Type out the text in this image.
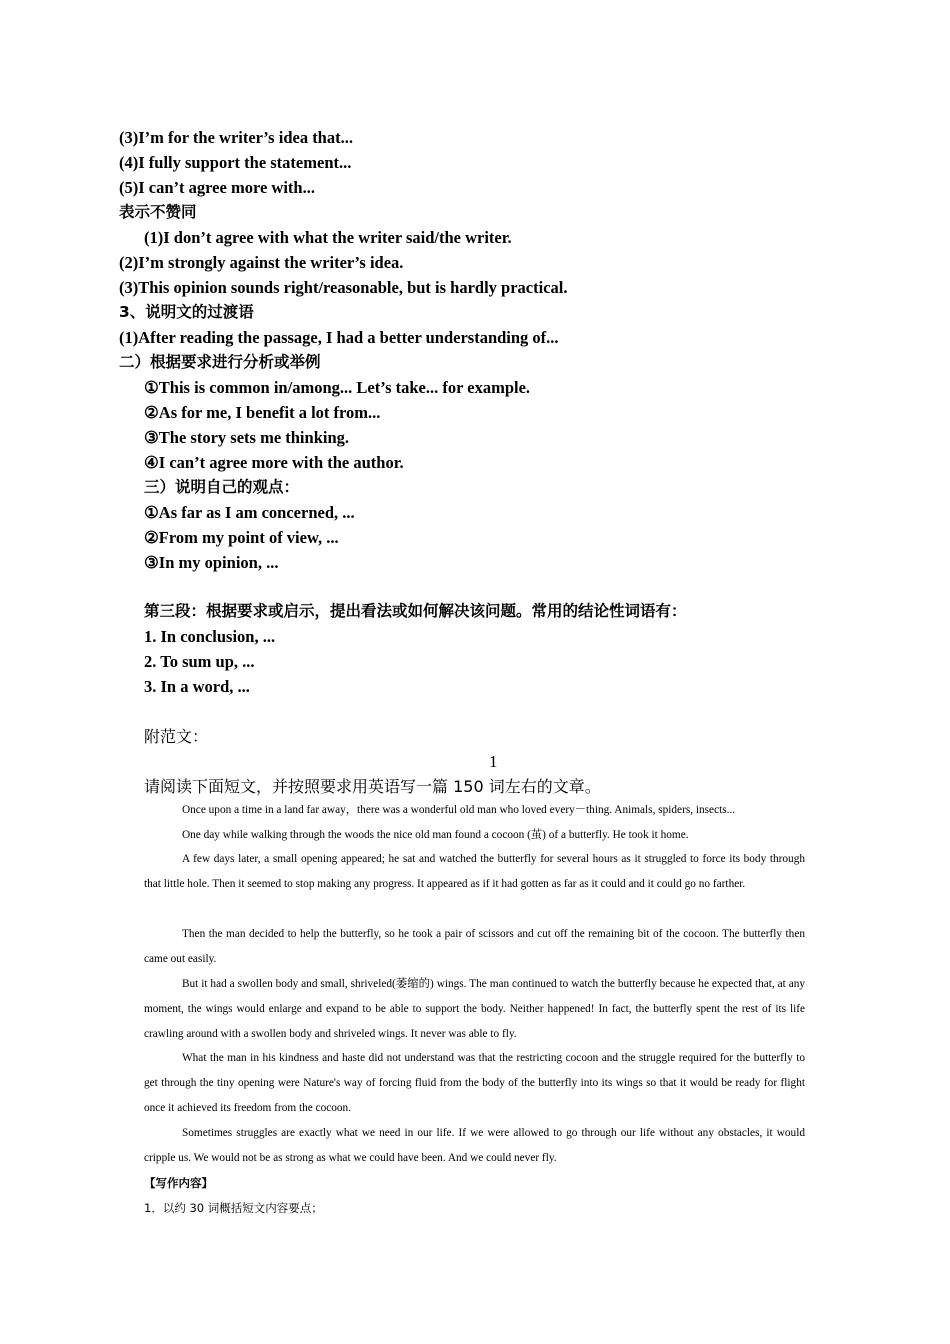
(3)I’m for the writer’s idea that...
(4)I fully support the statement...
(5)I can’t agree more with...
表示不赞同
(1)I don’t agree with what the writer said/the writer.
(2)I’m strongly against the writer’s idea.
(3)This opinion sounds right/reasonable, but is hardly practical.
3、说明文的过渡语
(1)After reading the passage, I had a better understanding of...
二）根据要求进行分析或举例
①This is common in/among... Let’s take... for example.
②As for me, I benefit a lot from...
③The story sets me thinking.
④I can’t agree more with the author.
三）说明自己的观点：
①As far as I am concerned, ...
②From my point of view, ...
③In my opinion, ...
第三段：根据要求或启示，提出看法或如何解决该问题。常用的结论性词语有：
1. In conclusion, ...
2. To sum up, ...
3. In a word, ...
附范文：
1
请阅读下面短文，并按照要求用英语写一篇 150 词左右的文章。
Once upon a time in a land far away，there was a wonderful old man who loved every－thing. Animals, spiders, insects...
One day while walking through the woods the nice old man found a cocoon (茧) of a butterfly. He took it home.
A few days later, a small opening appeared; he sat and watched the butterfly for several hours as it struggled to force its body through that little hole. Then it seemed to stop making any progress. It appeared as if it had gotten as far as it could and it could go no farther.
Then the man decided to help the butterfly, so he took a pair of scissors and cut off the remaining bit of the cocoon. The butterfly then came out easily.
But it had a swollen body and small, shriveled(萎缩的) wings. The man continued to watch the butterfly because he expected that, at any moment, the wings would enlarge and expand to be able to support the body. Neither happened! In fact, the butterfly spent the rest of its life crawling around with a swollen body and shriveled wings. It never was able to fly.
What the man in his kindness and haste did not understand was that the restricting cocoon and the struggle required for the butterfly to get through the tiny opening were Nature's way of forcing fluid from the body of the butterfly into its wings so that it would be ready for flight once it achieved its freedom from the cocoon.
Sometimes struggles are exactly what we need in our life. If we were allowed to go through our life without any obstacles, it would cripple us. We would not be as strong as what we could have been. And we could never fly.
【写作内容】
1．以约 30 词概括短文内容要点；
